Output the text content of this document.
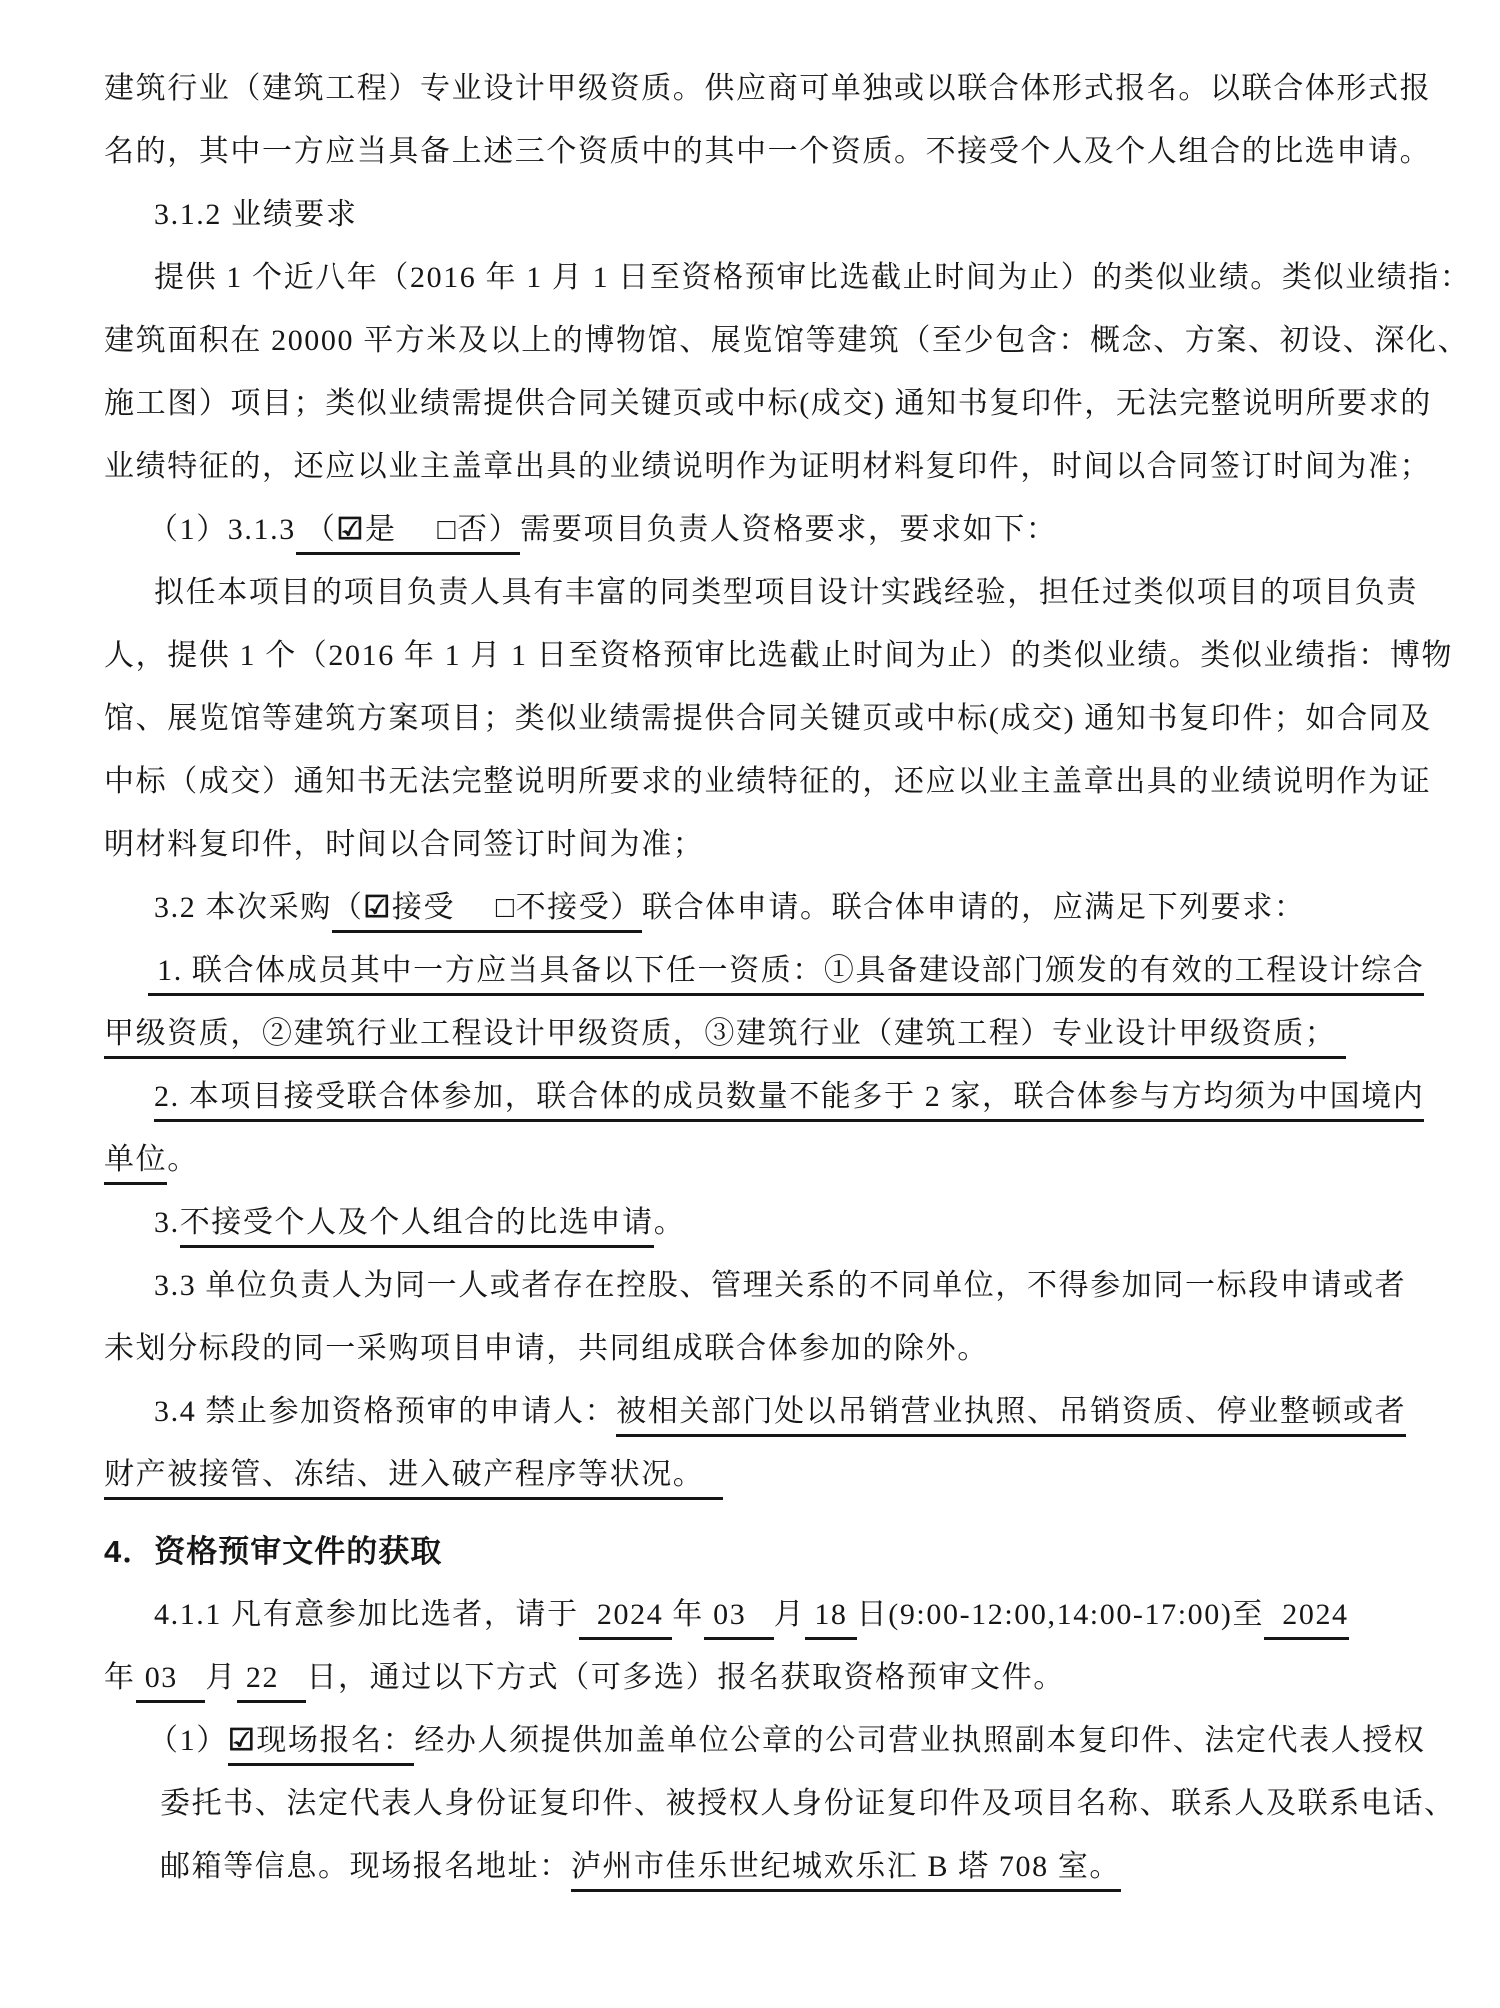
建筑行业（建筑工程）专业设计甲级资质。供应商可单独或以联合体形式报名。以联合体形式报
名的，其中一方应当具备上述三个资质中的其中一个资质。不接受个人及个人组合的比选申请。
3.1.2 业绩要求
提供 1 个近八年（2016 年 1 月 1 日至资格预审比选截止时间为止）的类似业绩。类似业绩指：
建筑面积在 20000 平方米及以上的博物馆、展览馆等建筑（至少包含：概念、方案、初设、深化、
施工图）项目；类似业绩需提供合同关键页或中标(成交) 通知书复印件，无法完整说明所要求的
业绩特征的，还应以业主盖章出具的业绩说明作为证明材料复印件，时间以合同签订时间为准；
（1）3.1.3 （☑是　 □否）需要项目负责人资格要求，要求如下：
拟任本项目的项目负责人具有丰富的同类型项目设计实践经验，担任过类似项目的项目负责
人，提供 1 个（2016 年 1 月 1 日至资格预审比选截止时间为止）的类似业绩。类似业绩指：博物
馆、展览馆等建筑方案项目；类似业绩需提供合同关键页或中标(成交) 通知书复印件；如合同及
中标（成交）通知书无法完整说明所要求的业绩特征的，还应以业主盖章出具的业绩说明作为证
明材料复印件，时间以合同签订时间为准；
3.2 本次采购（☑接受　 □不接受）联合体申请。联合体申请的，应满足下列要求：
1. 联合体成员其中一方应当具备以下任一资质：①具备建设部门颁发的有效的工程设计综合
甲级资质，②建筑行业工程设计甲级资质，③建筑行业（建筑工程）专业设计甲级资质；
2. 本项目接受联合体参加，联合体的成员数量不能多于 2 家，联合体参与方均须为中国境内
单位。
3.不接受个人及个人组合的比选申请。
3.3 单位负责人为同一人或者存在控股、管理关系的不同单位，不得参加同一标段申请或者
未划分标段的同一采购项目申请，共同组成联合体参加的除外。
3.4 禁止参加资格预审的申请人：被相关部门处以吊销营业执照、吊销资质、停业整顿或者
财产被接管、冻结、进入破产程序等状况。
4．资格预审文件的获取
4.1.1 凡有意参加比选者，请于  2024 年 03   月 18 日(9:00-12:00,14:00-17:00)至  2024
年 03   月 22   日，通过以下方式（可多选）报名获取资格预审文件。
（1）☑现场报名：经办人须提供加盖单位公章的公司营业执照副本复印件、法定代表人授权
委托书、法定代表人身份证复印件、被授权人身份证复印件及项目名称、联系人及联系电话、
邮箱等信息。现场报名地址：泸州市佳乐世纪城欢乐汇 B 塔 708 室。
